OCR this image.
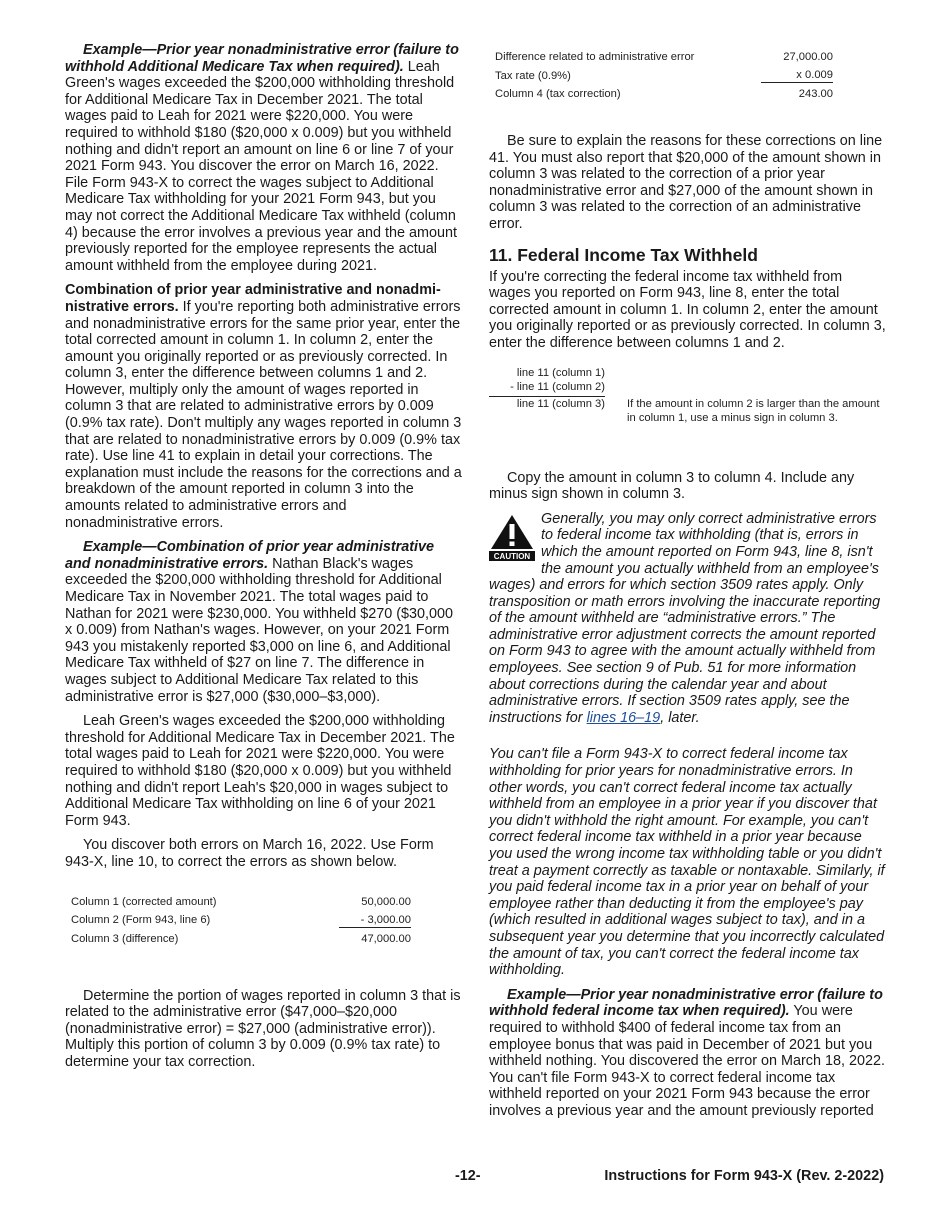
Example—Prior year nonadministrative error (failure to withhold Additional Medicare Tax when required). Leah Green's wages exceeded the $200,000 withholding threshold for Additional Medicare Tax in December 2021. The total wages paid to Leah for 2021 were $220,000. You were required to withhold $180 ($20,000 x 0.009) but you withheld nothing and didn't report an amount on line 6 or line 7 of your 2021 Form 943. You discover the error on March 16, 2022. File Form 943-X to correct the wages subject to Additional Medicare Tax withholding for your 2021 Form 943, but you may not correct the Additional Medicare Tax withheld (column 4) because the error involves a previous year and the amount previously reported for the employee represents the actual amount withheld from the employee during 2021.

Combination of prior year administrative and nonadministrative errors. If you're reporting both administrative errors and nonadministrative errors for the same prior year, enter the total corrected amount in column 1. In column 2, enter the amount you originally reported or as previously corrected. In column 3, enter the difference between columns 1 and 2. However, multiply only the amount of wages reported in column 3 that are related to administrative errors by 0.009 (0.9% tax rate). Don't multiply any wages reported in column 3 that are related to nonadministrative errors by 0.009 (0.9% tax rate). Use line 41 to explain in detail your corrections. The explanation must include the reasons for the corrections and a breakdown of the amount reported in column 3 into the amounts related to administrative errors and nonadministrative errors.

Example—Combination of prior year administrative and nonadministrative errors. Nathan Black's wages exceeded the $200,000 withholding threshold for Additional Medicare Tax in November 2021. The total wages paid to Nathan for 2021 were $230,000. You withheld $270 ($30,000 x 0.009) from Nathan's wages. However, on your 2021 Form 943 you mistakenly reported $3,000 on line 6, and Additional Medicare Tax withheld of $27 on line 7. The difference in wages subject to Additional Medicare Tax related to this administrative error is $27,000 ($30,000–$3,000).

Leah Green's wages exceeded the $200,000 withholding threshold for Additional Medicare Tax in December 2021. The total wages paid to Leah for 2021 were $220,000. You were required to withhold $180 ($20,000 x 0.009) but you withheld nothing and didn't report Leah's $20,000 in wages subject to Additional Medicare Tax withholding on line 6 of your 2021 Form 943.

You discover both errors on March 16, 2022. Use Form 943-X, line 10, to correct the errors as shown below.

Column 1 (corrected amount)	50,000.00
Column 2 (Form 943, line 6)	- 3,000.00
Column 3 (difference)	47,000.00

Determine the portion of wages reported in column 3 that is related to the administrative error ($47,000–$20,000 (nonadministrative error) = $27,000 (administrative error)). Multiply this portion of column 3 by 0.009 (0.9% tax rate) to determine your tax correction.

Difference related to administrative error	27,000.00
Tax rate (0.9%)	x 0.009
Column 4 (tax correction)	243.00

Be sure to explain the reasons for these corrections on line 41. You must also report that $20,000 of the amount shown in column 3 was related to the correction of a prior year nonadministrative error and $27,000 of the amount shown in column 3 was related to the correction of an administrative error.

11. Federal Income Tax Withheld

If you're correcting the federal income tax withheld from wages you reported on Form 943, line 8, enter the total corrected amount in column 1. In column 2, enter the amount you originally reported or as previously corrected. In column 3, enter the difference between columns 1 and 2.

line 11 (column 1)
- line 11 (column 2)
line 11 (column 3) If the amount in column 2 is larger than the amount in column 1, use a minus sign in column 3.

Copy the amount in column 3 to column 4. Include any minus sign shown in column 3.

CAUTION

Generally, you may only correct administrative errors to federal income tax withholding (that is, errors in which the amount reported on Form 943, line 8, isn't the amount you actually withheld from an employee's wages) and errors for which section 3509 rates apply. Only transposition or math errors involving the inaccurate reporting of the amount withheld are “administrative errors.” The administrative error adjustment corrects the amount reported on Form 943 to agree with the amount actually withheld from employees. See section 9 of Pub. 51 for more information about corrections during the calendar year and about administrative errors. If section 3509 rates apply, see the instructions for lines 16–19, later.

You can't file a Form 943-X to correct federal income tax withholding for prior years for nonadministrative errors. In other words, you can't correct federal income tax actually withheld from an employee in a prior year if you discover that you didn't withhold the right amount. For example, you can't correct federal income tax withheld in a prior year because you used the wrong income tax withholding table or you didn't treat a payment correctly as taxable or nontaxable. Similarly, if you paid federal income tax in a prior year on behalf of your employee rather than deducting it from the employee's pay (which resulted in additional wages subject to tax), and in a subsequent year you determine that you incorrectly calculated the amount of tax, you can't correct the federal income tax withholding.

Example—Prior year nonadministrative error (failure to withhold federal income tax when required). You were required to withhold $400 of federal income tax from an employee bonus that was paid in December of 2021 but you withheld nothing. You discovered the error on March 18, 2022. You can't file Form 943-X to correct federal income tax withheld reported on your 2021 Form 943 because the error involves a previous year and the amount previously reported

-12-	Instructions for Form 943-X (Rev. 2-2022)
